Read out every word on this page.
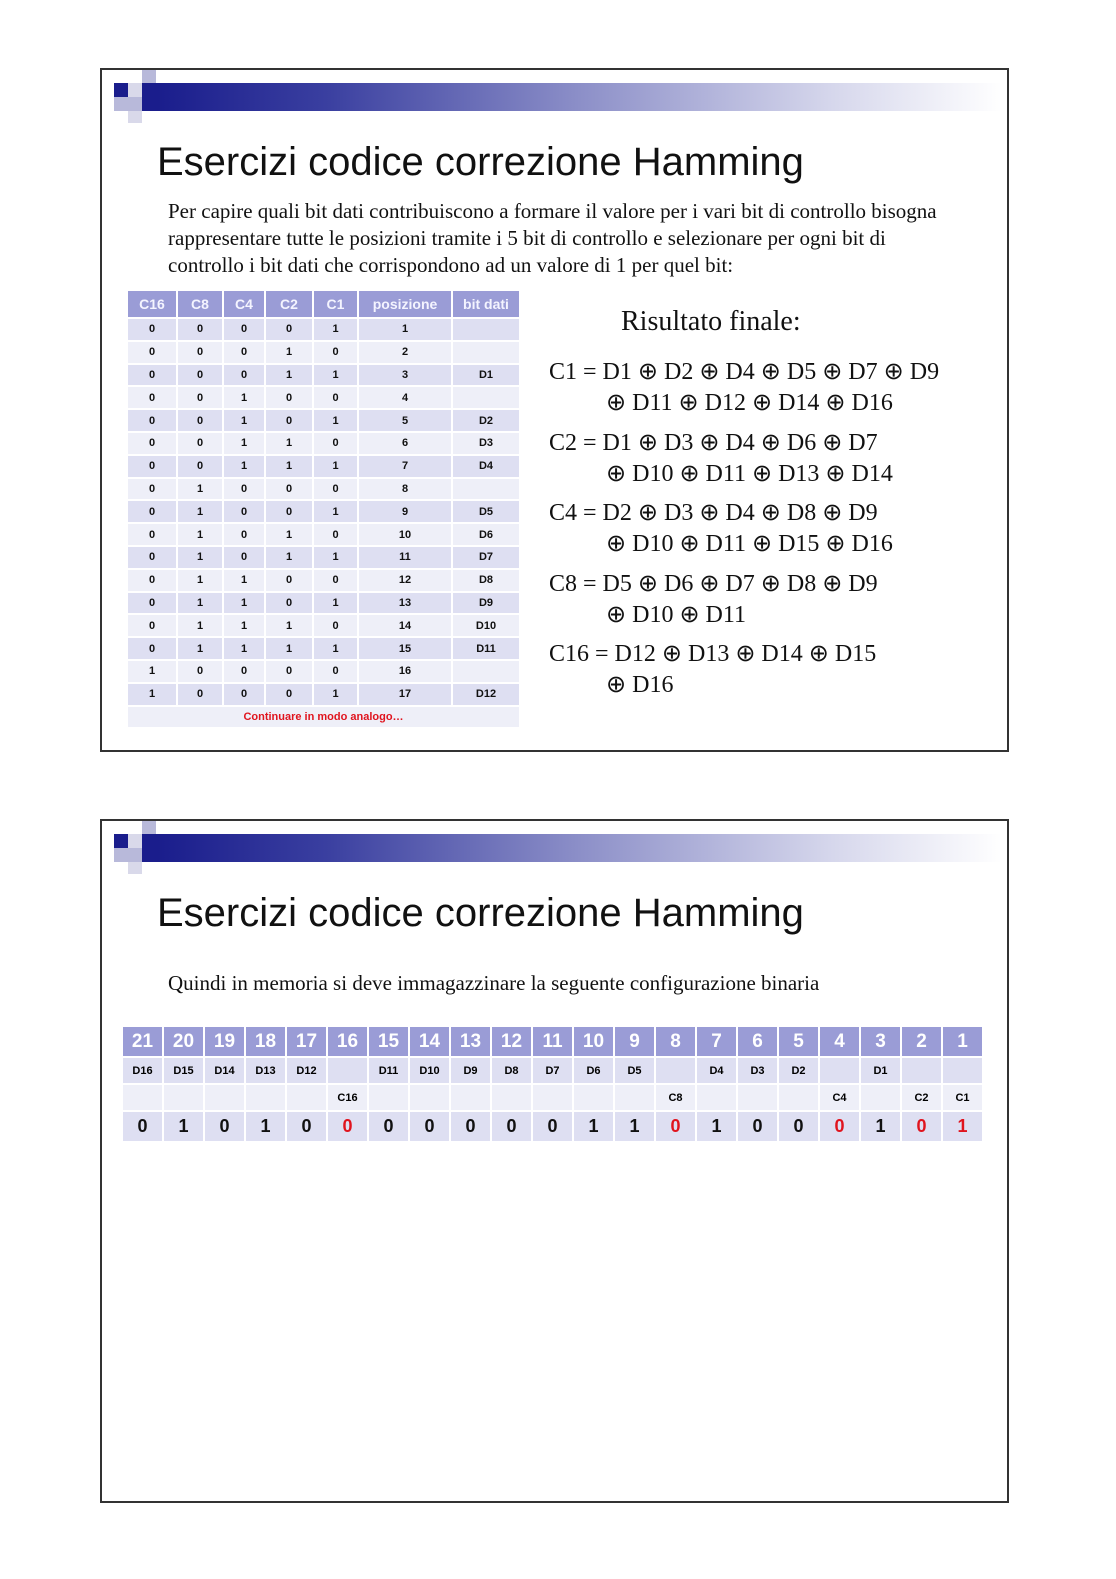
Esercizi codice correzione Hamming
Per capire quali bit dati contribuiscono a formare il valore per i vari bit di controllo bisogna rappresentare tutte le posizioni tramite i 5 bit di controllo e selezionare per ogni bit di controllo i bit dati che corrispondono ad un valore di 1 per quel bit:
C16	C8	C4	C2	C1	posizione	bit dati
0	0	0	0	1	1	
0	0	0	1	0	2	
0	0	0	1	1	3	D1
0	0	1	0	0	4	
0	0	1	0	1	5	D2
0	0	1	1	0	6	D3
0	0	1	1	1	7	D4
0	1	0	0	0	8	
0	1	0	0	1	9	D5
0	1	0	1	0	10	D6
0	1	0	1	1	11	D7
0	1	1	0	0	12	D8
0	1	1	0	1	13	D9
0	1	1	1	0	14	D10
0	1	1	1	1	15	D11
1	0	0	0	0	16	
1	0	0	0	1	17	D12
Continuare in modo analogo…						
Risultato finale:
C1 = D1 ⊕ D2 ⊕ D4 ⊕ D5 ⊕ D7 ⊕ D9
⊕ D11 ⊕ D12 ⊕ D14 ⊕ D16
C2 = D1 ⊕ D3 ⊕ D4 ⊕ D6 ⊕ D7
⊕ D10 ⊕ D11 ⊕ D13 ⊕ D14
C4 = D2 ⊕ D3 ⊕ D4 ⊕ D8 ⊕ D9
⊕ D10 ⊕ D11 ⊕ D15 ⊕ D16
C8 = D5 ⊕ D6 ⊕ D7 ⊕ D8 ⊕ D9
⊕ D10 ⊕ D11
C16 = D12 ⊕ D13 ⊕ D14 ⊕ D15
⊕ D16
Esercizi codice correzione Hamming
Quindi in memoria si deve immagazzinare la seguente configurazione binaria
21	20	19	18	17	16	15	14	13	12	11	10	9	8	7	6	5	4	3	2	1
D16	D15	D14	D13	D12		D11	D10	D9	D8	D7	D6	D5		D4	D3	D2		D1		
					C16								C8				C4		C2	C1
0	1	0	1	0	0	0	0	0	0	0	1	1	0	1	0	0	0	1	0	1
